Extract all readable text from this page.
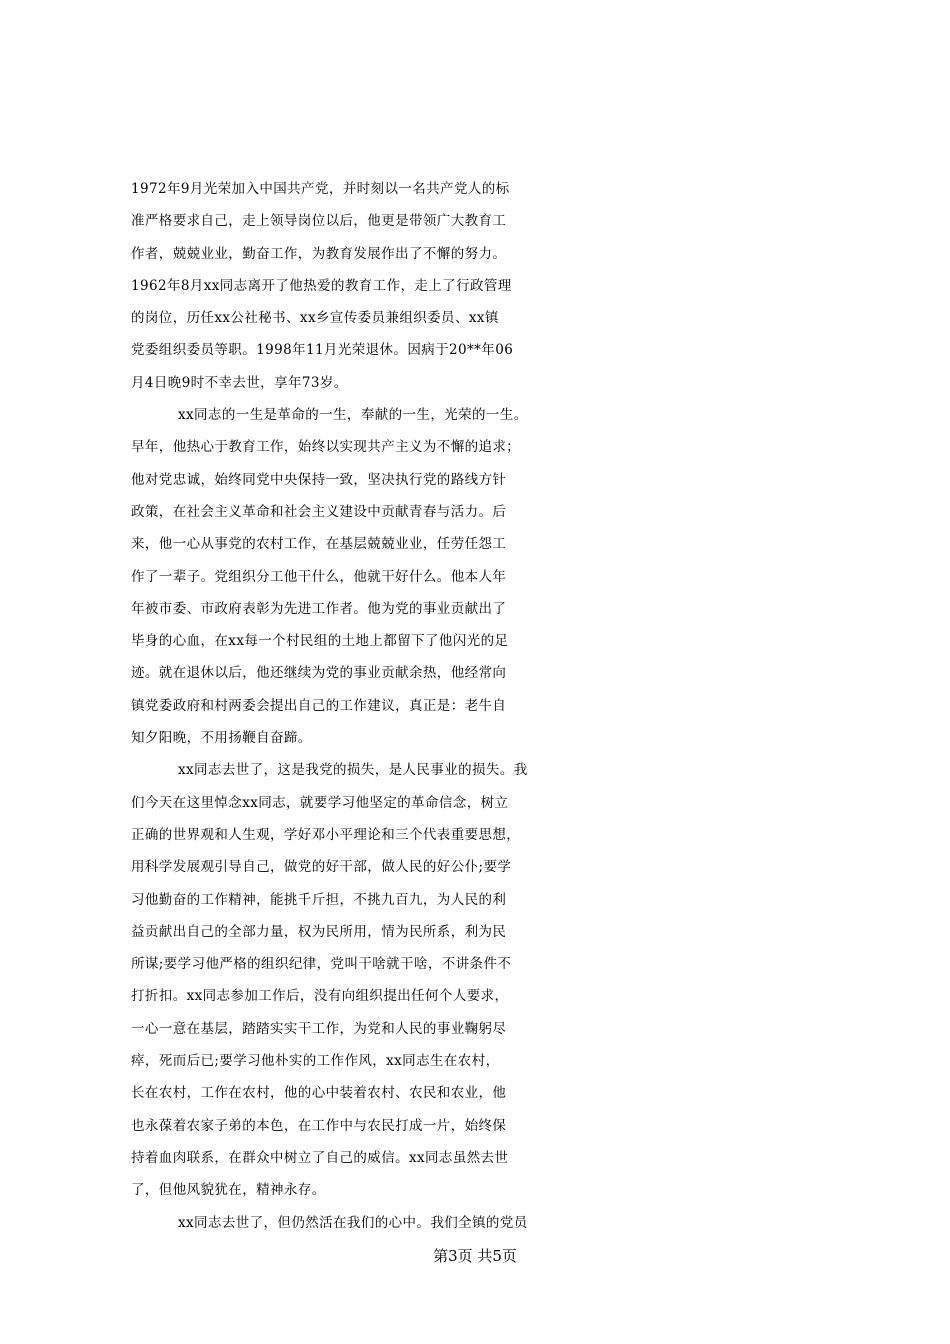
1972年9月光荣加入中国共产党，并时刻以一名共产党人的标
准严格要求自己，走上领导岗位以后，他更是带领广大教育工
作者，兢兢业业，勤奋工作，为教育发展作出了不懈的努力。
1962年8月xx同志离开了他热爱的教育工作，走上了行政管理
的岗位，历任xx公社秘书、xx乡宣传委员兼组织委员、xx镇
党委组织委员等职。1998年11月光荣退休。因病于20**年06
月4日晚9时不幸去世，享年73岁。
xx同志的一生是革命的一生，奉献的一生，光荣的一生。
早年，他热心于教育工作，始终以实现共产主义为不懈的追求；
他对党忠诚，始终同党中央保持一致，坚决执行党的路线方针
政策，在社会主义革命和社会主义建设中贡献青春与活力。后
来，他一心从事党的农村工作，在基层兢兢业业，任劳任怨工
作了一辈子。党组织分工他干什么，他就干好什么。他本人年
年被市委、市政府表彰为先进工作者。他为党的事业贡献出了
毕身的心血，在xx每一个村民组的土地上都留下了他闪光的足
迹。就在退休以后，他还继续为党的事业贡献余热，他经常向
镇党委政府和村两委会提出自己的工作建议，真正是：老牛自
知夕阳晚，不用扬鞭自奋蹄。
xx同志去世了，这是我党的损失，是人民事业的损失。我
们今天在这里悼念xx同志，就要学习他坚定的革命信念，树立
正确的世界观和人生观，学好邓小平理论和三个代表重要思想，
用科学发展观引导自己，做党的好干部，做人民的好公仆;要学
习他勤奋的工作精神，能挑千斤担，不挑九百九，为人民的利
益贡献出自己的全部力量，权为民所用，情为民所系，利为民
所谋;要学习他严格的组织纪律，党叫干啥就干啥，不讲条件不
打折扣。xx同志参加工作后，没有向组织提出任何个人要求，
一心一意在基层，踏踏实实干工作，为党和人民的事业鞠躬尽
瘁，死而后已;要学习他朴实的工作作风，xx同志生在农村，
长在农村，工作在农村，他的心中装着农村、农民和农业，他
也永葆着农家子弟的本色，在工作中与农民打成一片，始终保
持着血肉联系，在群众中树立了自己的威信。xx同志虽然去世
了，但他风貌犹在，精神永存。
xx同志去世了，但仍然活在我们的心中。我们全镇的党员
第3页 共5页
